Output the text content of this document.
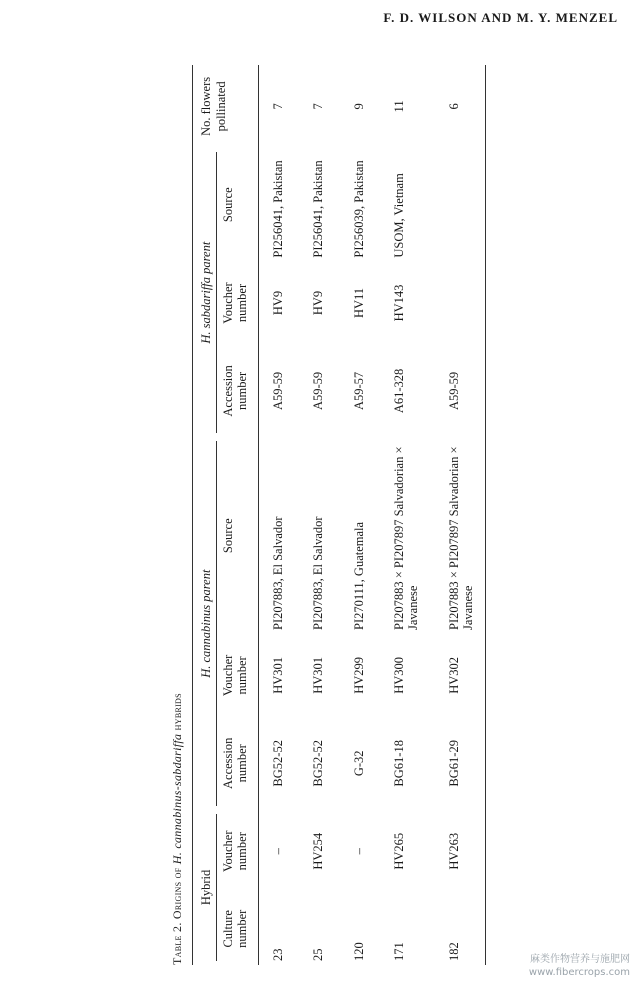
F. D. WILSON AND M. Y. MENZEL
Table 2. Origins of H. cannabinus-sabdariffa hybrids
Hybrid		H. cannabinus parent			H. sabdariffa parent			No. flowers pollinated
Culture number	Voucher number	Accession number	Voucher number	Source	Accession number	Voucher number	Source	
23	–	BG52-52	HV301	PI207883, El Salvador	A59-59	HV9	PI256041, Pakistan	7
25	HV254	BG52-52	HV301	PI207883, El Salvador	A59-59	HV9	PI256041, Pakistan	7
120	–	G-32	HV299	PI270111, Guatemala	A59-57	HV11	PI256039, Pakistan	9
171	HV265	BG61-18	HV300	PI207883 × PI207897 Salvadorian × Javanese	A61-328	HV143	USOM, Vietnam	11
182	HV263	BG61-29	HV302	PI207883 × PI207897 Salvadorian × Javanese	A59-59			6
麻类作物营养与施肥网
www.fibercrops.com
